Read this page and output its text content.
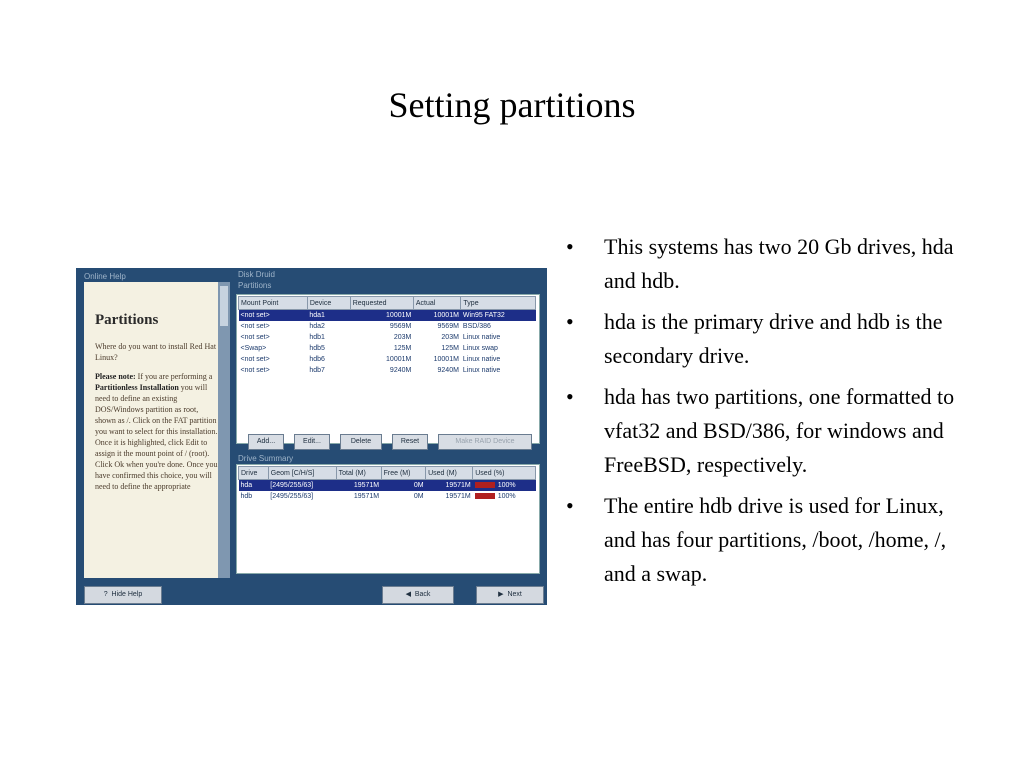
Setting partitions
• This systems has two 20 Gb drives, hda and hdb.
• hda is the primary drive and hdb is the secondary drive.
• hda has two partitions, one formatted to vfat32 and BSD/386, for windows and FreeBSD, respectively.
• The entire hdb drive is used for Linux, and has four partitions, /boot, /home, /, and a swap.
Online Help	Disk Druid
Partitions
Partitions

Where do you want to install Red Hat Linux?

Please note: If you are performing a Partitionless Installation you will need to define an existing DOS/Windows partition as root, shown as /. Click on the FAT partition you want to select for this installation. Once it is highlighted, click Edit to assign it the mount point of / (root). Click Ok when you're done. Once you have confirmed this choice, you will need to define the appropriate

Mount Point	Device	Requested	Actual	Type
<not set>	hda1	10001M	10001M	Win95 FAT32
<not set>	hda2	9569M	9569M	BSD/386
<not set>	hdb1	203M	203M	Linux native
<Swap>	hdb5	125M	125M	Linux swap
<not set>	hdb6	10001M	10001M	Linux native
<not set>	hdb7	9240M	9240M	Linux native
Add...	Edit...	Delete	Reset	Make RAID Device
Drive Summary
Drive	Geom [C/H/S]	Total (M)	Free (M)	Used (M)	Used (%)
hda	[2495/255/63]	19571M	0M	19571M	100%
hdb	[2495/255/63]	19571M	0M	19571M	100%
?  Hide Help	◀  Back	▶  Next
